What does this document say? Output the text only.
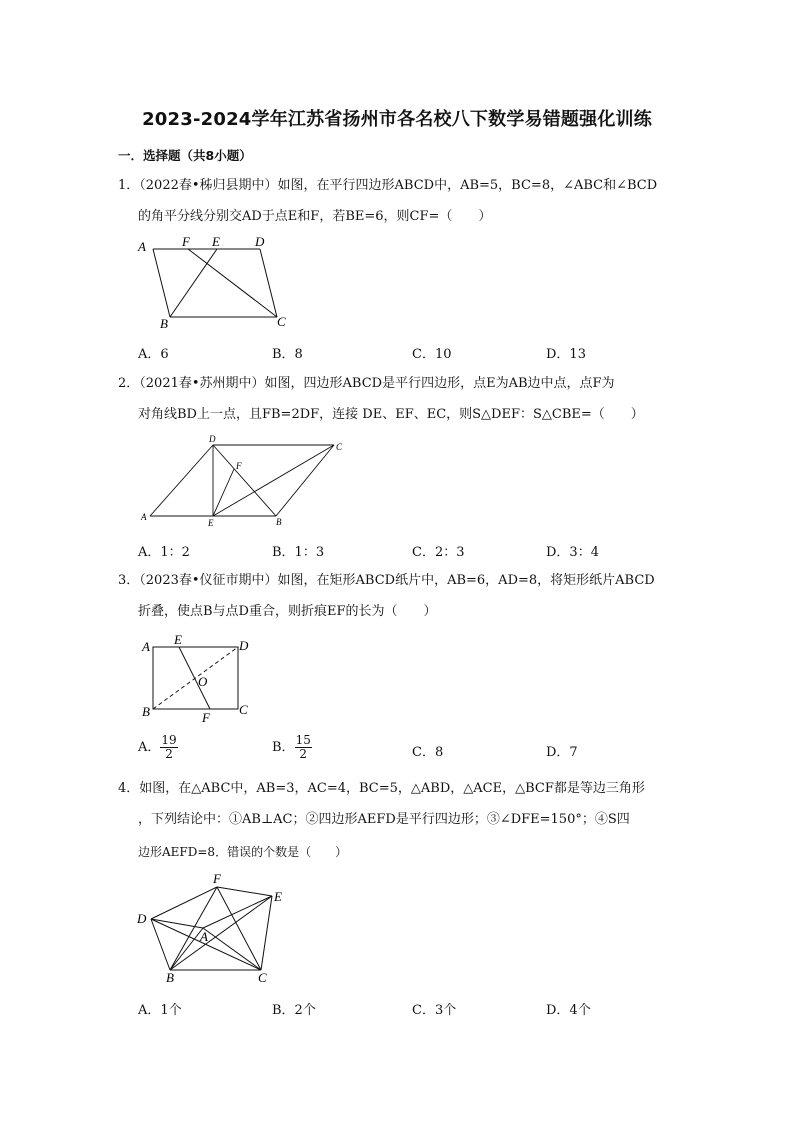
2023-2024学年江苏省扬州市各名校八下数学易错题强化训练
一．选择题（共8小题）
1．（2022春•秭归县期中）如图，在平行四边形ABCD中，AB=5，BC=8，∠ABC和∠BCD
的角平分线分别交AD于点E和F，若BE=6，则CF=（　　）
A	F E	D
B	C
A．6	B．8	C．10	D．13
2．（2021春•苏州期中）如图，四边形ABCD是平行四边形，点E为AB边中点，点F为
对角线BD上一点，且FB=2DF，连接 DE、EF、EC，则S△DEF：S△CBE=（　　）
A
D
C
F
E	B
A．1：2	B．1：3	C．2：3	D．3：4
3．（2023春•仪征市期中）如图，在矩形ABCD纸片中，AB=6，AD=8，将矩形纸片ABCD
折叠，使点B与点D重合，则折痕EF的长为（　　）
A E	D
O
B	F
C
A． $\frac{19}{2}$	B． $\frac{15}{2}$	C．8	D．7
4．如图，在△ABC中，AB=3，AC=4，BC=5，△ABD，△ACE，△BCF都是等边三角形
，下列结论中：①AB⊥AC；②四边形AEFD是平行四边形；③∠DFE=150°；④S四
边形AEFD=8．错误的个数是（　　）
F
E
D
A
B	C
A．1个	B．2个	C．3个	D．4个
